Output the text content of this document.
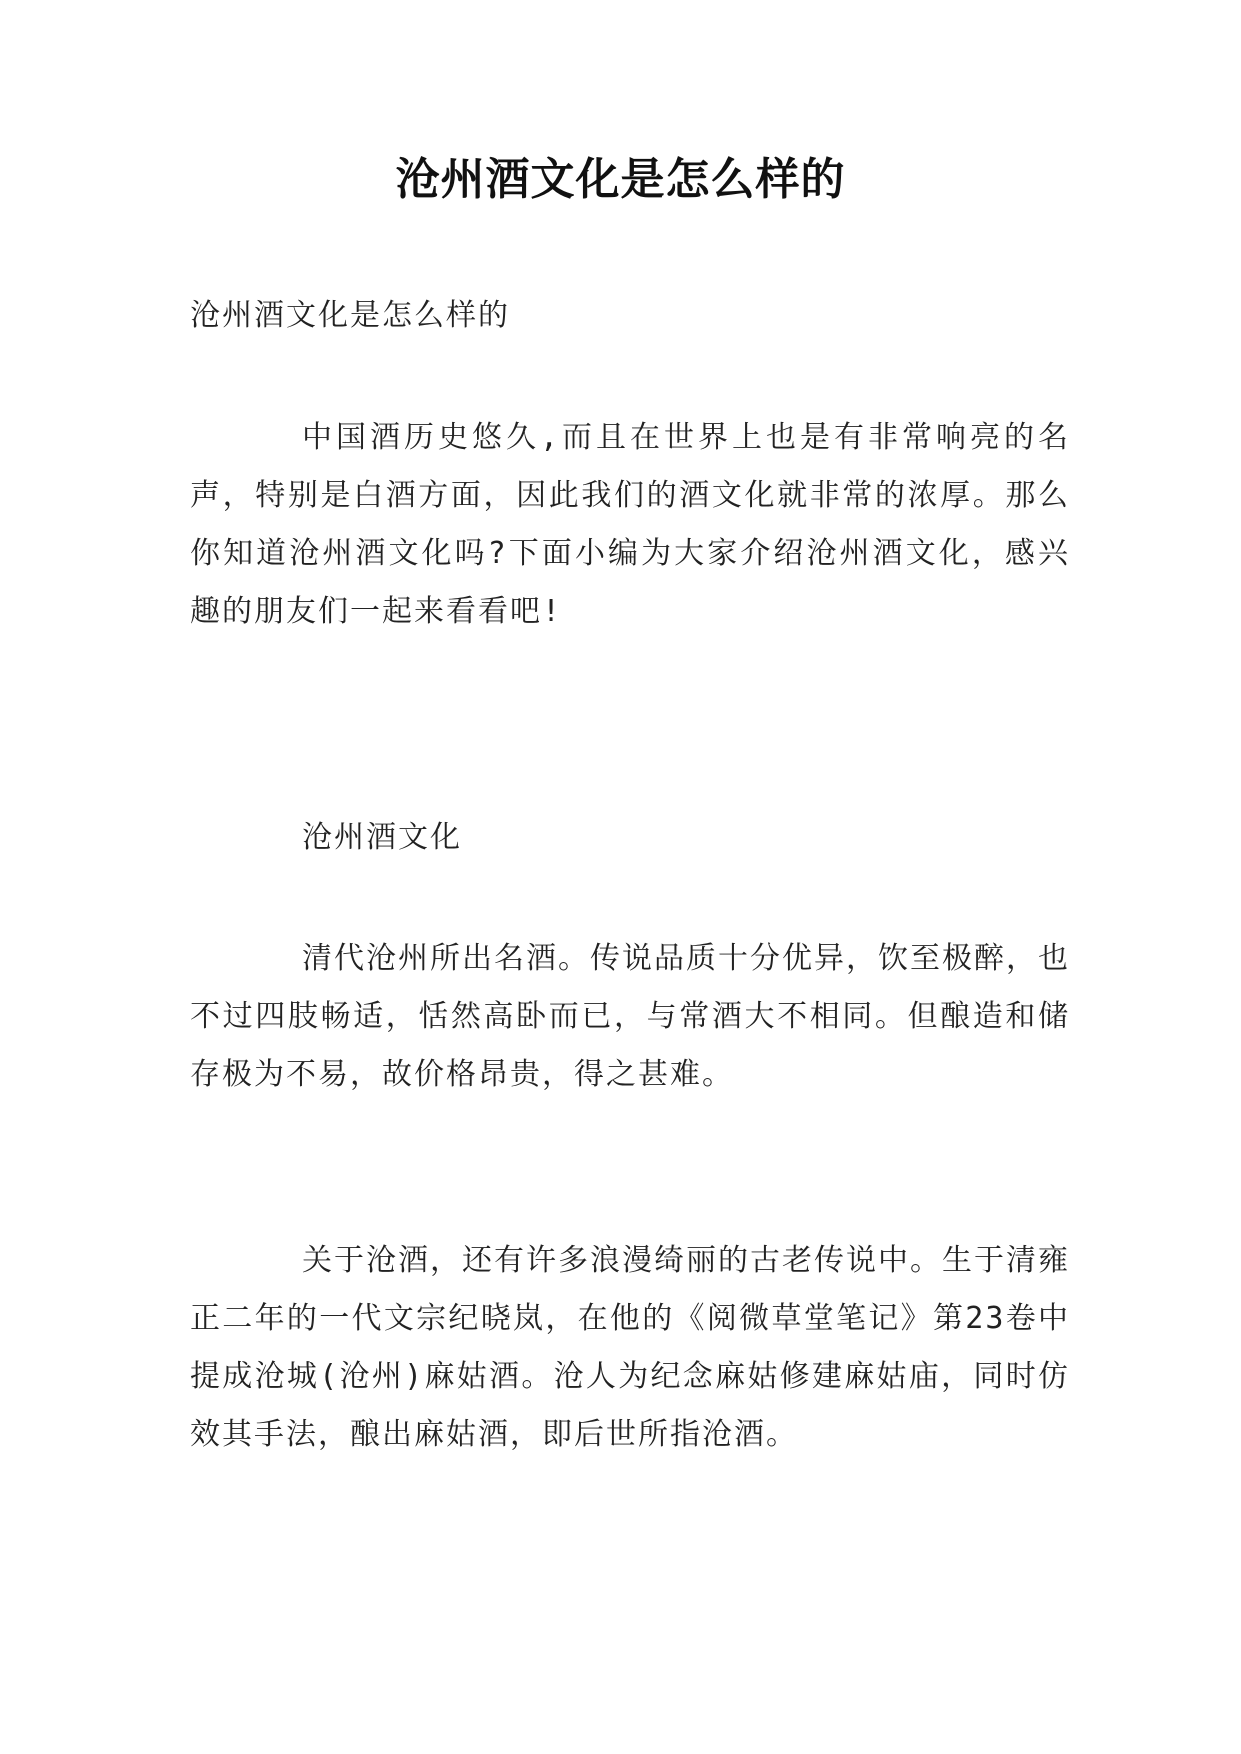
沧州酒文化是怎么样的

沧州酒文化是怎么样的

中国酒历史悠久,而且在世界上也是有非常响亮的名声，特别是白酒方面，因此我们的酒文化就非常的浓厚。那么你知道沧州酒文化吗?下面小编为大家介绍沧州酒文化，感兴趣的朋友们一起来看看吧!

沧州酒文化

清代沧州所出名酒。传说品质十分优异，饮至极醉，也不过四肢畅适，恬然高卧而已，与常酒大不相同。但酿造和储存极为不易，故价格昂贵，得之甚难。

关于沧酒，还有许多浪漫绮丽的古老传说中。生于清雍正二年的一代文宗纪晓岚，在他的《阅微草堂笔记》第23卷中提成沧城(沧州)麻姑酒。沧人为纪念麻姑修建麻姑庙，同时仿效其手法，酿出麻姑酒，即后世所指沧酒。
